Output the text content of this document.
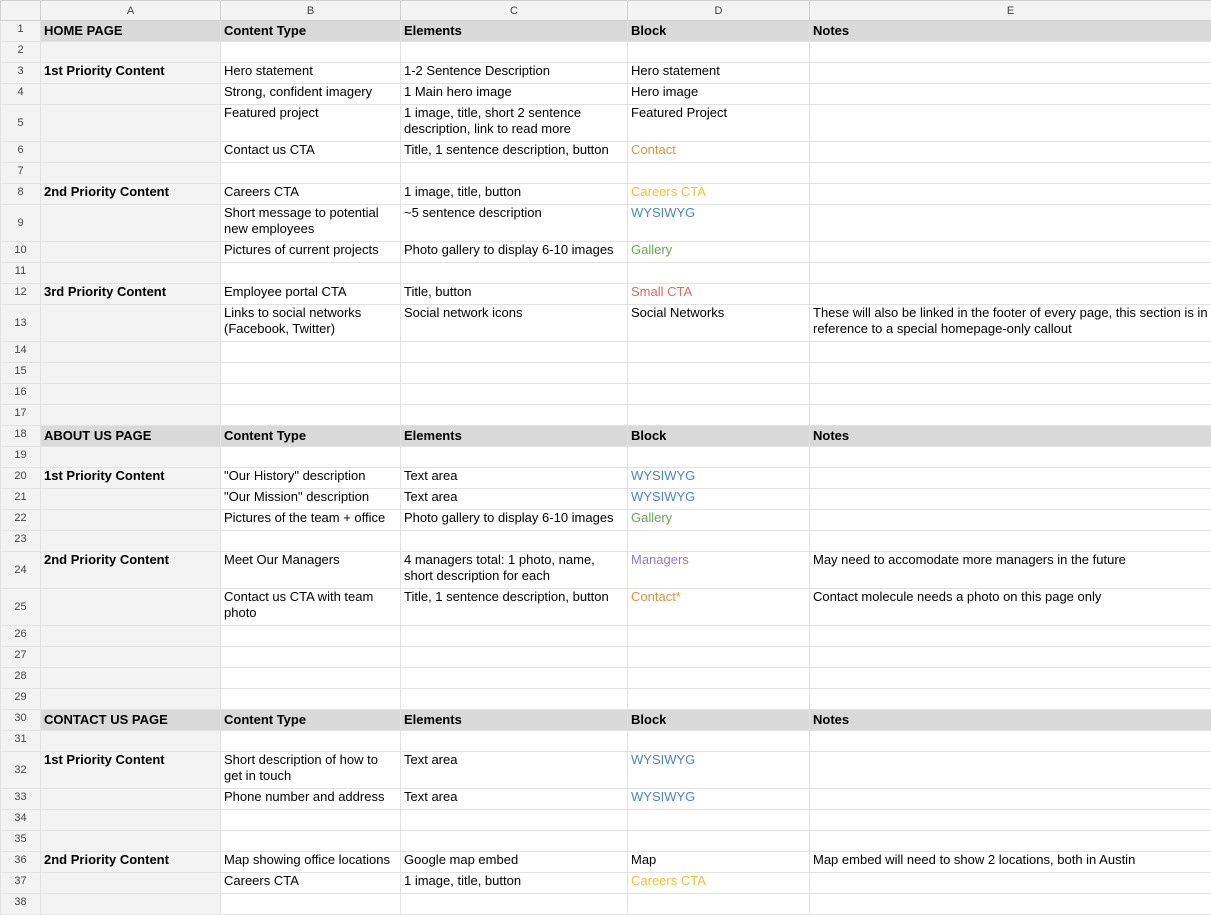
	A	B	C	D	E
1	HOME PAGE	Content Type	Elements	Block	Notes
2					
3	1st Priority Content	Hero statement	1-2 Sentence Description	Hero statement	
4		Strong, confident imagery	1 Main hero image	Hero image	
5		Featured project	1 image, title, short 2 sentence description, link to read more	Featured Project	
6		Contact us CTA	Title, 1 sentence description, button	Contact	
7					
8	2nd Priority Content	Careers CTA	1 image, title, button	Careers CTA	
9		Short message to potential new employees	~5 sentence description	WYSIWYG	
10		Pictures of current projects	Photo gallery to display 6-10 images	Gallery	
11					
12	3rd Priority Content	Employee portal CTA	Title, button	Small CTA	
13		Links to social networks (Facebook, Twitter)	Social network icons	Social Networks	These will also be linked in the footer of every page, this section is in reference to a special homepage-only callout
14					
15					
16					
17					
18	ABOUT US PAGE	Content Type	Elements	Block	Notes
19					
20	1st Priority Content	"Our History" description	Text area	WYSIWYG	
21		"Our Mission" description	Text area	WYSIWYG	
22		Pictures of the team + office	Photo gallery to display 6-10 images	Gallery	
23					
24	2nd Priority Content	Meet Our Managers	4 managers total: 1 photo, name, short description for each	Managers	May need to accomodate more managers in the future
25		Contact us CTA with team photo	Title, 1 sentence description, button	Contact*	Contact molecule needs a photo on this page only
26					
27					
28					
29					
30	CONTACT US PAGE	Content Type	Elements	Block	Notes
31					
32	1st Priority Content	Short description of how to get in touch	Text area	WYSIWYG	
33		Phone number and address	Text area	WYSIWYG	
34					
35					
36	2nd Priority Content	Map showing office locations	Google map embed	Map	Map embed will need to show 2 locations, both in Austin
37		Careers CTA	1 image, title, button	Careers CTA	
38					
